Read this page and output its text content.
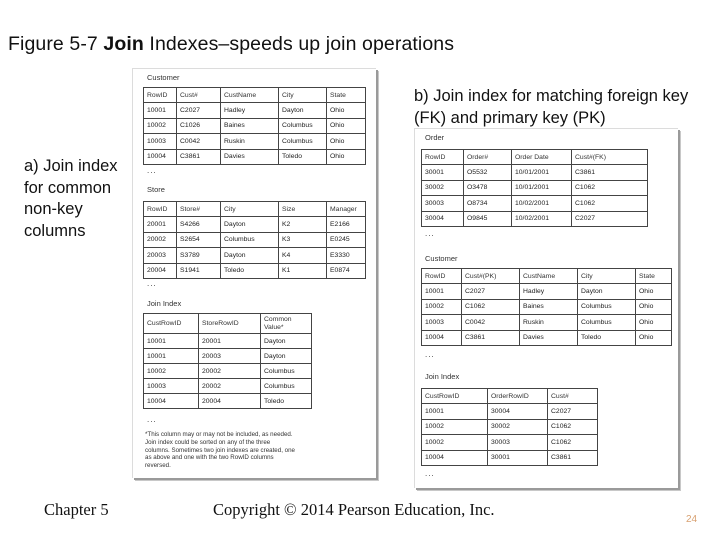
Figure 5-7 Join Indexes–speeds up join operations
a) Join index for common non-key columns
b) Join index for matching foreign key (FK) and primary key (PK)
Customer
RowID	Cust#	CustName	City	State
10001	C2027	Hadley	Dayton	Ohio
10002	C1026	Baines	Columbus	Ohio
10003	C0042	Ruskin	Columbus	Ohio
10004	C3861	Davies	Toledo	Ohio
...
Store
RowID	Store#	City	Size	Manager
20001	S4266	Dayton	K2	E2166
20002	S2654	Columbus	K3	E0245
20003	S3789	Dayton	K4	E3330
20004	S1941	Toledo	K1	E0874
...
Join Index
CustRowID	StoreRowID	Common Value*
10001	20001	Dayton
10001	20003	Dayton
10002	20002	Columbus
10003	20002	Columbus
10004	20004	Toledo
...
*This column may or may not be included, as needed. Join index could be sorted on any of the three columns. Sometimes two join indexes are created, one as above and one with the two RowID columns reversed.
Order
RowID	Order#	Order Date	Cust#(FK)
30001	O5532	10/01/2001	C3861
30002	O3478	10/01/2001	C1062
30003	O8734	10/02/2001	C1062
30004	O9845	10/02/2001	C2027
...
Customer
RowID	Cust#(PK)	CustName	City	State
10001	C2027	Hadley	Dayton	Ohio
10002	C1062	Baines	Columbus	Ohio
10003	C0042	Ruskin	Columbus	Ohio
10004	C3861	Davies	Toledo	Ohio
...
Join Index
CustRowID	OrderRowID	Cust#
10001	30004	C2027
10002	30002	C1062
10002	30003	C1062
10004	30001	C3861
...
Chapter 5	Copyright © 2014 Pearson Education, Inc.
24
